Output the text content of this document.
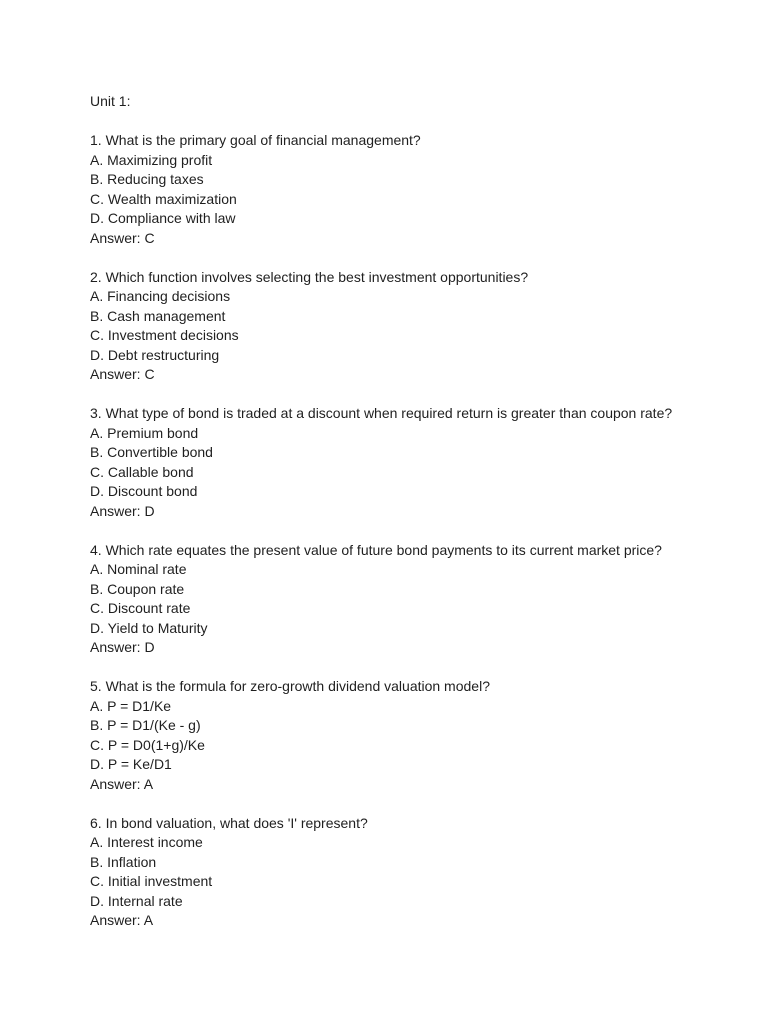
Unit 1:
1. What is the primary goal of financial management?
A. Maximizing profit
B. Reducing taxes
C. Wealth maximization
D. Compliance with law
Answer: C
2. Which function involves selecting the best investment opportunities?
A. Financing decisions
B. Cash management
C. Investment decisions
D. Debt restructuring
Answer: C
3. What type of bond is traded at a discount when required return is greater than coupon rate?
A. Premium bond
B. Convertible bond
C. Callable bond
D. Discount bond
Answer: D
4. Which rate equates the present value of future bond payments to its current market price?
A. Nominal rate
B. Coupon rate
C. Discount rate
D. Yield to Maturity
Answer: D
5. What is the formula for zero-growth dividend valuation model?
A. P = D1/Ke
B. P = D1/(Ke - g)
C. P = D0(1+g)/Ke
D. P = Ke/D1
Answer: A
6. In bond valuation, what does 'I' represent?
A. Interest income
B. Inflation
C. Initial investment
D. Internal rate
Answer: A
